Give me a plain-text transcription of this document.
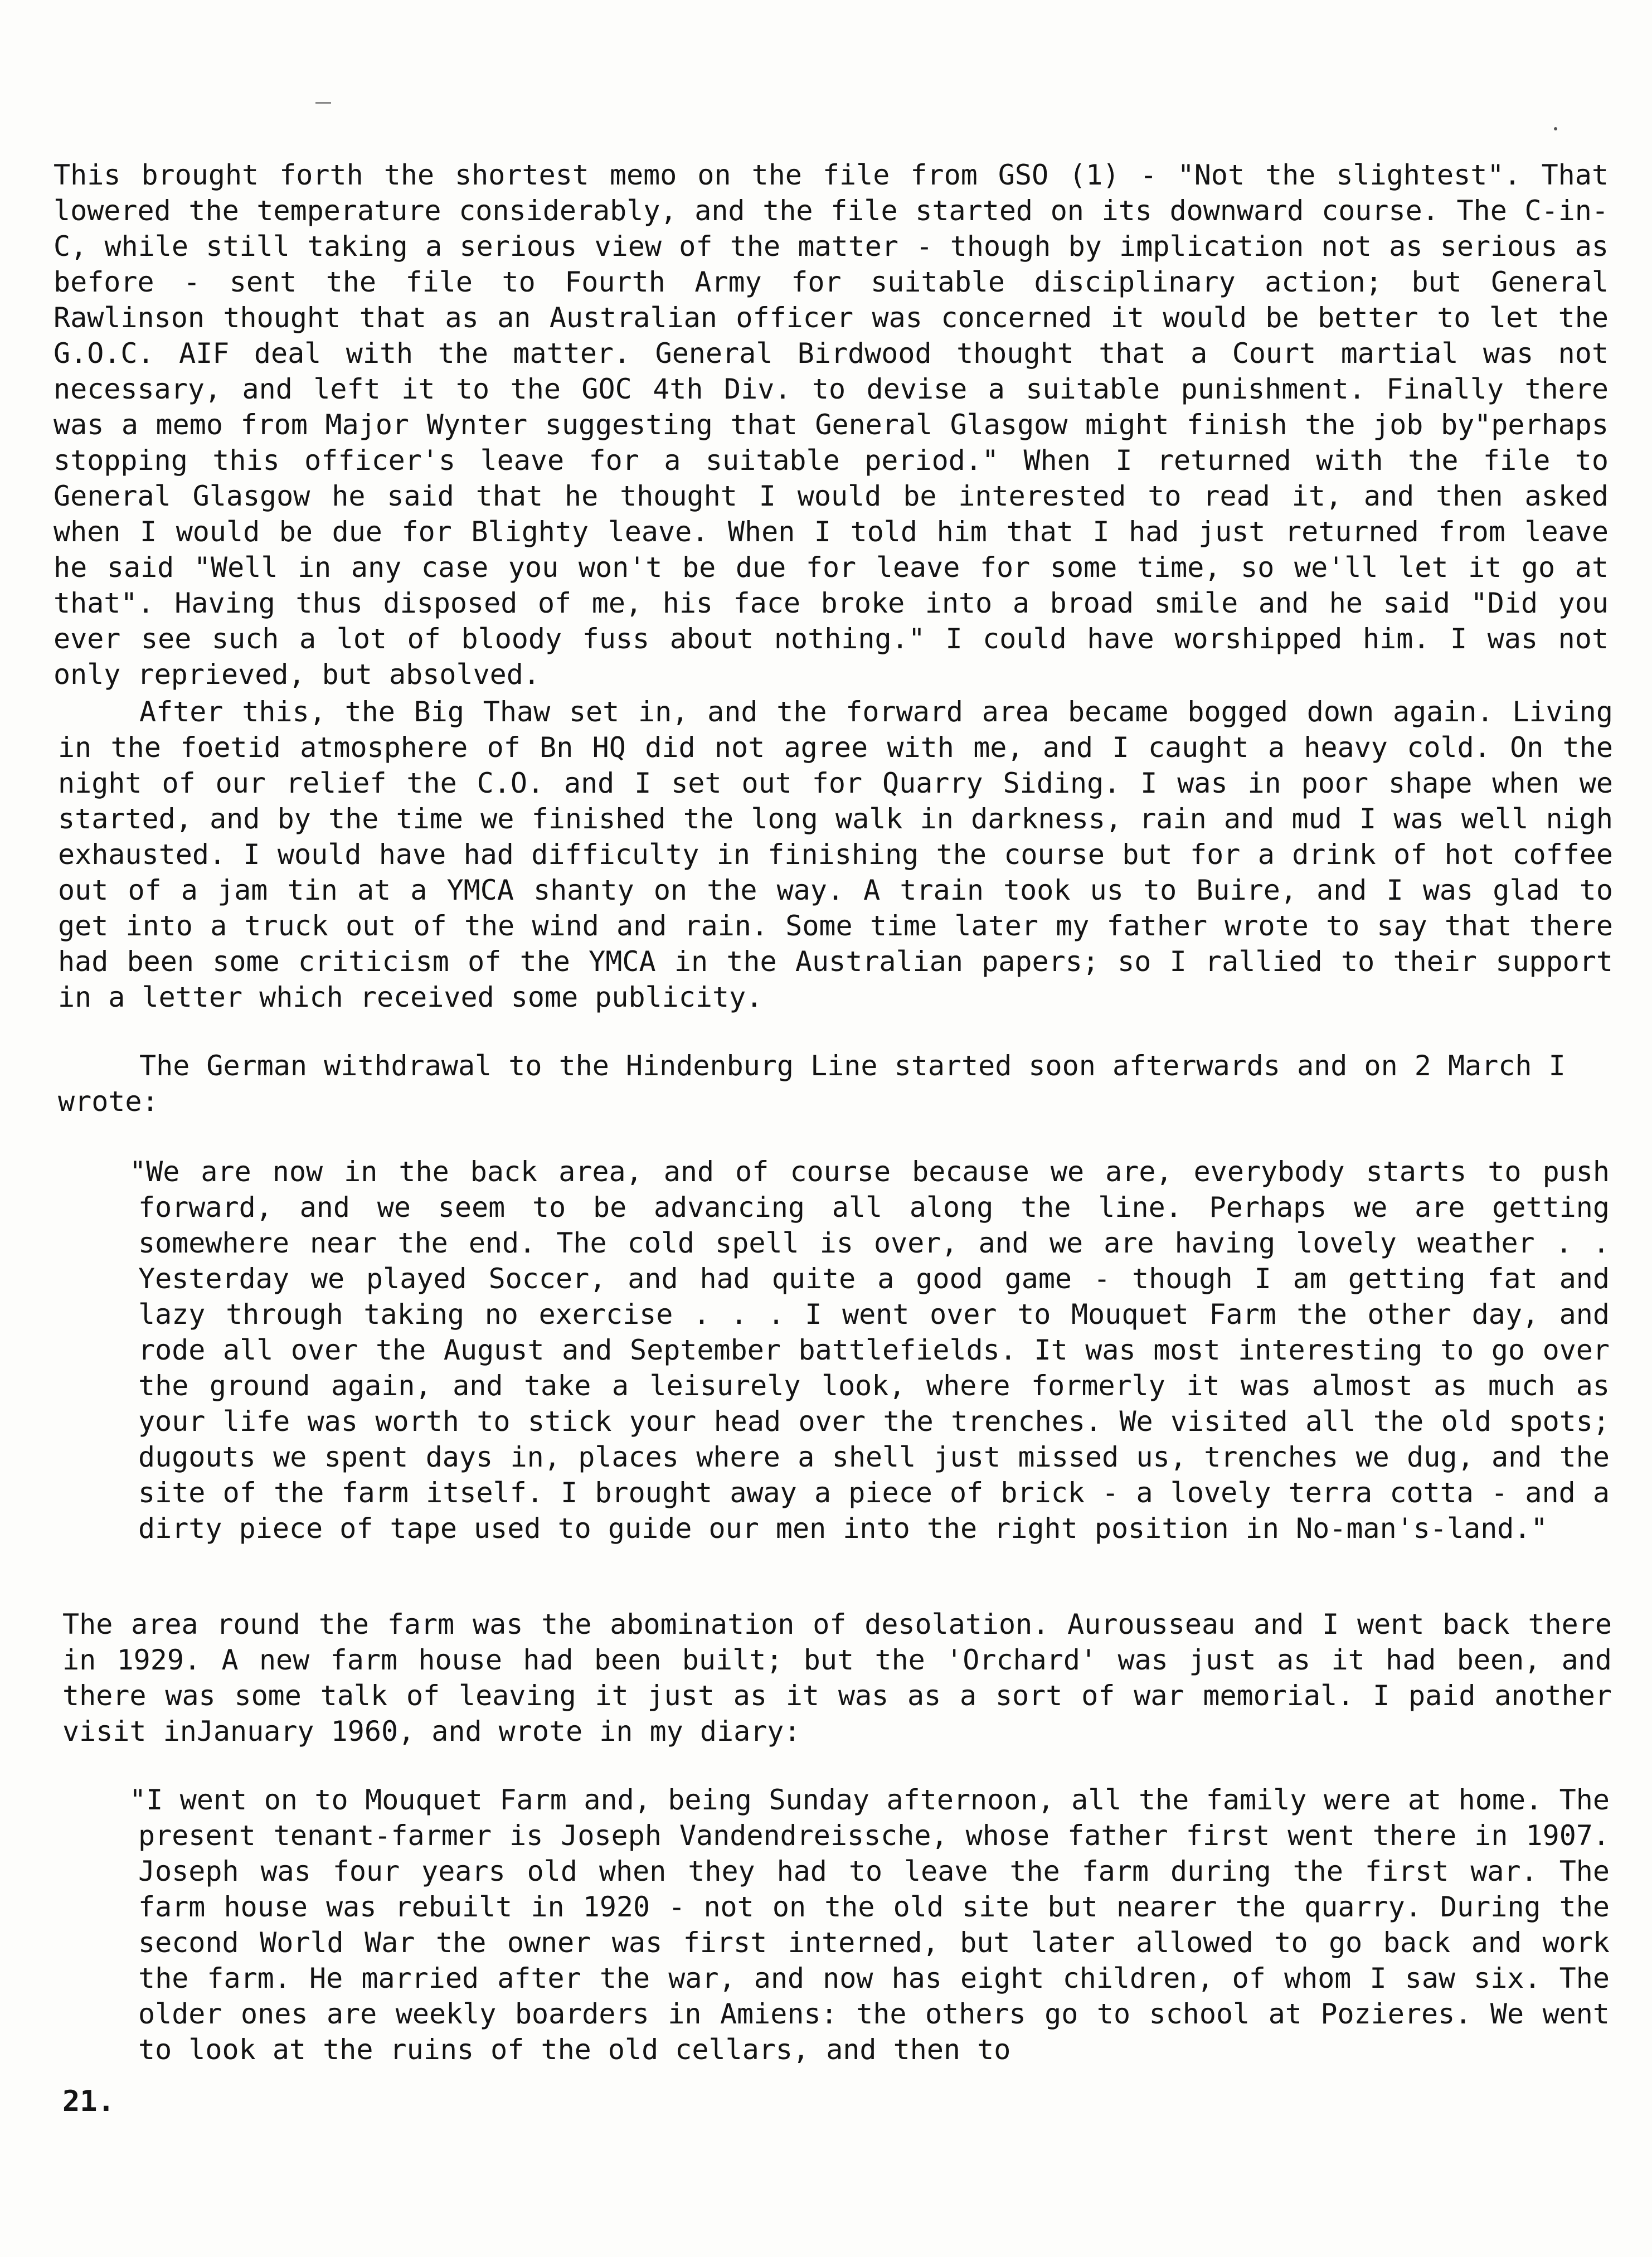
This brought forth the shortest memo on the file from GSO (1) - "Not the slightest". That lowered the temperature considerably, and the file started on its downward course. The C-in-C, while still taking a serious view of the matter - though by implication not as serious as before - sent the file to Fourth Army for suitable disciplinary action; but General Rawlinson thought that as an Australian officer was concerned it would be better to let the G.O.C. AIF deal with the matter. General Birdwood thought that a Court martial was not necessary, and left it to the GOC 4th Div. to devise a suitable punishment. Finally there was a memo from Major Wynter suggesting that General Glasgow might finish the job by"perhaps stopping this officer's leave for a suitable period." When I returned with the file to General Glasgow he said that he thought I would be interested to read it, and then asked when I would be due for Blighty leave. When I told him that I had just returned from leave he said "Well in any case you won't be due for leave for some time, so we'll let it go at that". Having thus disposed of me, his face broke into a broad smile and he said "Did you ever see such a lot of bloody fuss about nothing." I could have worshipped him. I was not only reprieved, but absolved.
After this, the Big Thaw set in, and the forward area became bogged down again. Living in the foetid atmosphere of Bn HQ did not agree with me, and I caught a heavy cold. On the night of our relief the C.O. and I set out for Quarry Siding. I was in poor shape when we started, and by the time we finished the long walk in darkness, rain and mud I was well nigh exhausted. I would have had difficulty in finishing the course but for a drink of hot coffee out of a jam tin at a YMCA shanty on the way. A train took us to Buire, and I was glad to get into a truck out of the wind and rain. Some time later my father wrote to say that there had been some criticism of the YMCA in the Australian papers; so I rallied to their support in a letter which received some publicity.
The German withdrawal to the Hindenburg Line started soon afterwards and on 2 March I wrote:
"We are now in the back area, and of course because we are, everybody starts to push forward, and we seem to be advancing all along the line. Perhaps we are getting somewhere near the end. The cold spell is over, and we are having lovely weather . . Yesterday we played Soccer, and had quite a good game - though I am getting fat and lazy through taking no exercise . . . I went over to Mouquet Farm the other day, and rode all over the August and September battlefields. It was most interesting to go over the ground again, and take a leisurely look, where formerly it was almost as much as your life was worth to stick your head over the trenches. We visited all the old spots; dugouts we spent days in, places where a shell just missed us, trenches we dug, and the site of the farm itself. I brought away a piece of brick - a lovely terra cotta - and a dirty piece of tape used to guide our men into the right position in No-man's-land."
The area round the farm was the abomination of desolation. Aurousseau and I went back there in 1929. A new farm house had been built; but the 'Orchard' was just as it had been, and there was some talk of leaving it just as it was as a sort of war memorial. I paid another visit inJanuary 1960, and wrote in my diary:
"I went on to Mouquet Farm and, being Sunday afternoon, all the family were at home. The present tenant-farmer is Joseph Vandendreissche, whose father first went there in 1907. Joseph was four years old when they had to leave the farm during the first war. The farm house was rebuilt in 1920 - not on the old site but nearer the quarry. During the second World War the owner was first interned, but later allowed to go back and work the farm. He married after the war, and now has eight children, of whom I saw six. The older ones are weekly boarders in Amiens: the others go to school at Pozieres. We went to look at the ruins of the old cellars, and then to
21.
